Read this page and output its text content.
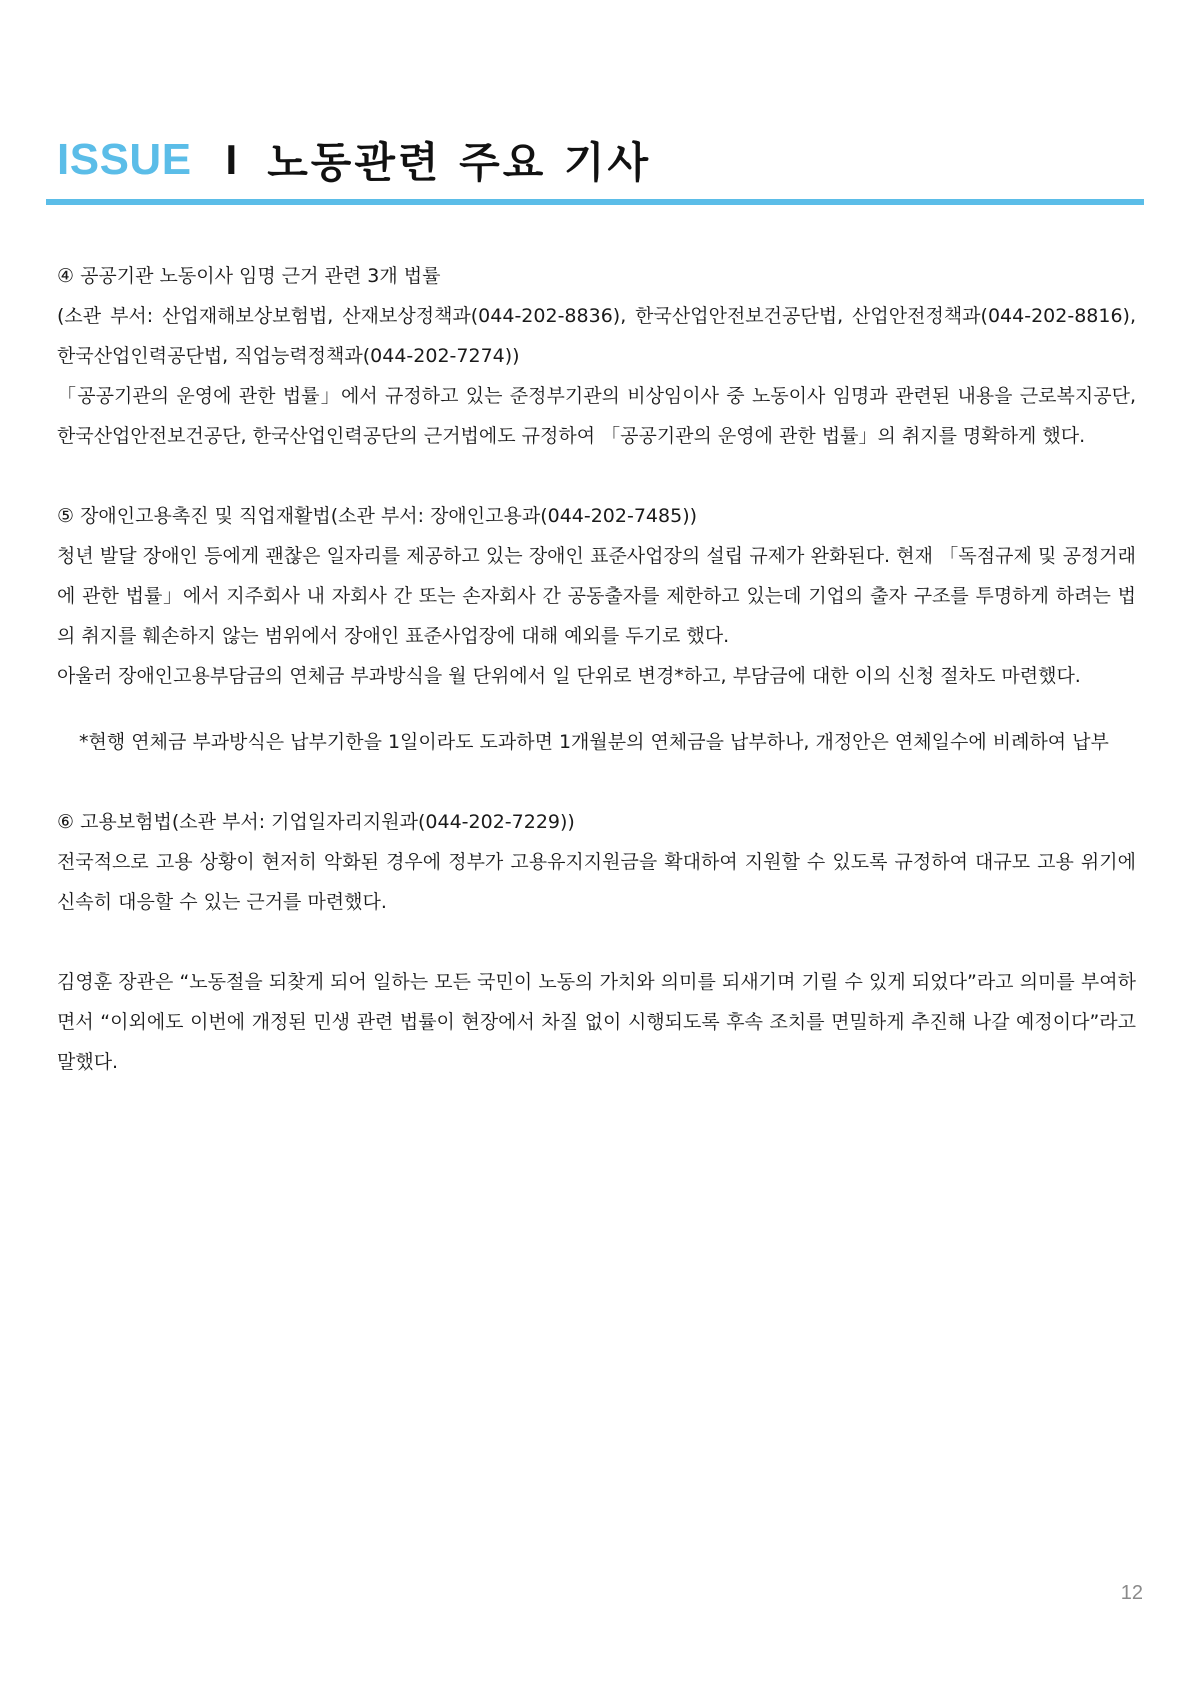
ISSUE I 노동관련 주요 기사

④ 공공기관 노동이사 임명 근거 관련 3개 법률

(소관 부서: 산업재해보상보험법, 산재보상정책과(044-202-8836), 한국산업안전보건공단법, 산업안전정책과(044-202-8816), 한국산업인력공단법, 직업능력정책과(044-202-7274))

「공공기관의 운영에 관한 법률」에서 규정하고 있는 준정부기관의 비상임이사 중 노동이사 임명과 관련된 내용을 근로복지공단, 한국산업안전보건공단, 한국산업인력공단의 근거법에도 규정하여 「공공기관의 운영에 관한 법률」의 취지를 명확하게 했다.

⑤ 장애인고용촉진 및 직업재활법(소관 부서: 장애인고용과(044-202-7485))

청년 발달 장애인 등에게 괜찮은 일자리를 제공하고 있는 장애인 표준사업장의 설립 규제가 완화된다. 현재 「독점규제 및 공정거래에 관한 법률」에서 지주회사 내 자회사 간 또는 손자회사 간 공동출자를 제한하고 있는데 기업의 출자 구조를 투명하게 하려는 법의 취지를 훼손하지 않는 범위에서 장애인 표준사업장에 대해 예외를 두기로 했다.

아울러 장애인고용부담금의 연체금 부과방식을 월 단위에서 일 단위로 변경*하고, 부담금에 대한 이의 신청 절차도 마련했다.

*현행 연체금 부과방식은 납부기한을 1일이라도 도과하면 1개월분의 연체금을 납부하나, 개정안은 연체일수에 비례하여 납부

⑥ 고용보험법(소관 부서: 기업일자리지원과(044-202-7229))

전국적으로 고용 상황이 현저히 악화된 경우에 정부가 고용유지지원금을 확대하여 지원할 수 있도록 규정하여 대규모 고용 위기에 신속히 대응할 수 있는 근거를 마련했다.

김영훈 장관은 “노동절을 되찾게 되어 일하는 모든 국민이 노동의 가치와 의미를 되새기며 기릴 수 있게 되었다”라고 의미를 부여하면서 “이외에도 이번에 개정된 민생 관련 법률이 현장에서 차질 없이 시행되도록 후속 조치를 면밀하게 추진해 나갈 예정이다”라고 말했다.

12
